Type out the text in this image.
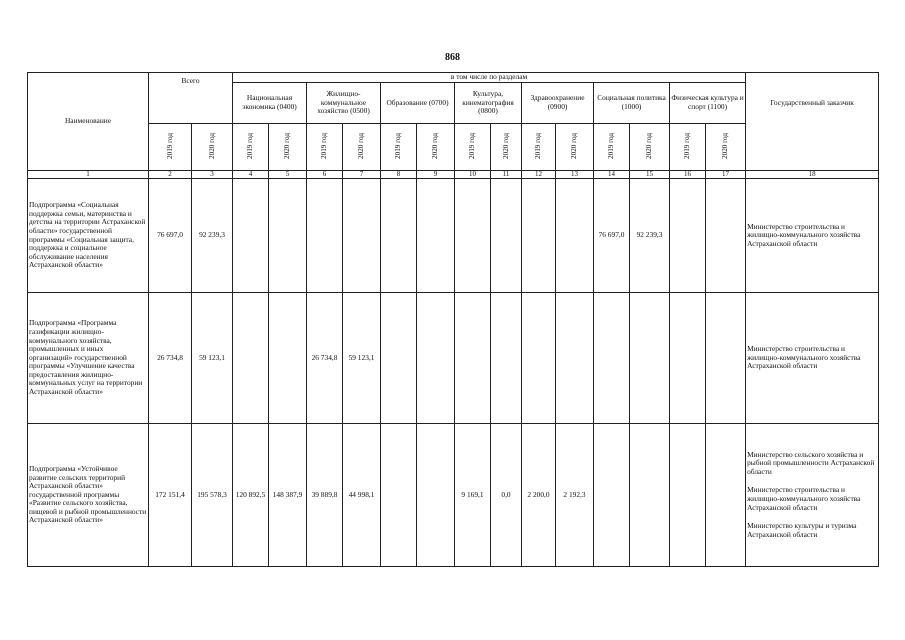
868
Наименование	Всего		в том числе по разделам														Государственный заказчик
			Национальная экономика (0400)		Жилищно-коммунальное хозяйство (0500)		Образование (0700)		Культура, кинематография (0800)		Здравоохранение (0900)		Социальная политика (1000)		Физическая культура и спорт (1100)		
	2019 год	2020 год	2019 год	2020 год	2019 год	2020 год	2019 год	2020 год	2019 год	2020 год	2019 год	2020 год	2019 год	2020 год	2019 год	2020 год	
1	2	3	4	5	6	7	8	9	10	11	12	13	14	15	16	17	18
Подпрограмма «Социальная поддержка семьи, материнства и детства на территории Астраханской области» государственной программы «Социальная защита, поддержка и социальное обслуживание населения Астраханской области»	76 697,0	92 239,3											76 697,0	92 239,3			Министерство строительства и жилищно-коммунального хозяйства Астраханской области

Подпрограмма «Программа газификации жилищно-коммунального хозяйства, промышленных и иных организаций» государственной программы «Улучшение качества предоставления жилищно-коммунальных услуг на территории Астраханской области»	26 734,8	59 123,1			26 734,8	59 123,1											Министерство строительства и жилищно-коммунального хозяйства Астраханской области

Подпрограмма «Устойчивое развитие сельских территорий Астраханской области» государственной программы «Развитие сельского хозяйства, пищевой и рыбной промышленности Астраханской области»	172 151,4	195 578,3	120 892,5	148 387,9	39 889,8	44 998,1			9 169,1	0,0	2 200,0	2 192,3					Министерство сельского хозяйства и рыбной промышленности Астраханской области
Министерство строительства и жилищно-коммунального хозяйства Астраханской области
Министерство культуры и туризма Астраханской области
